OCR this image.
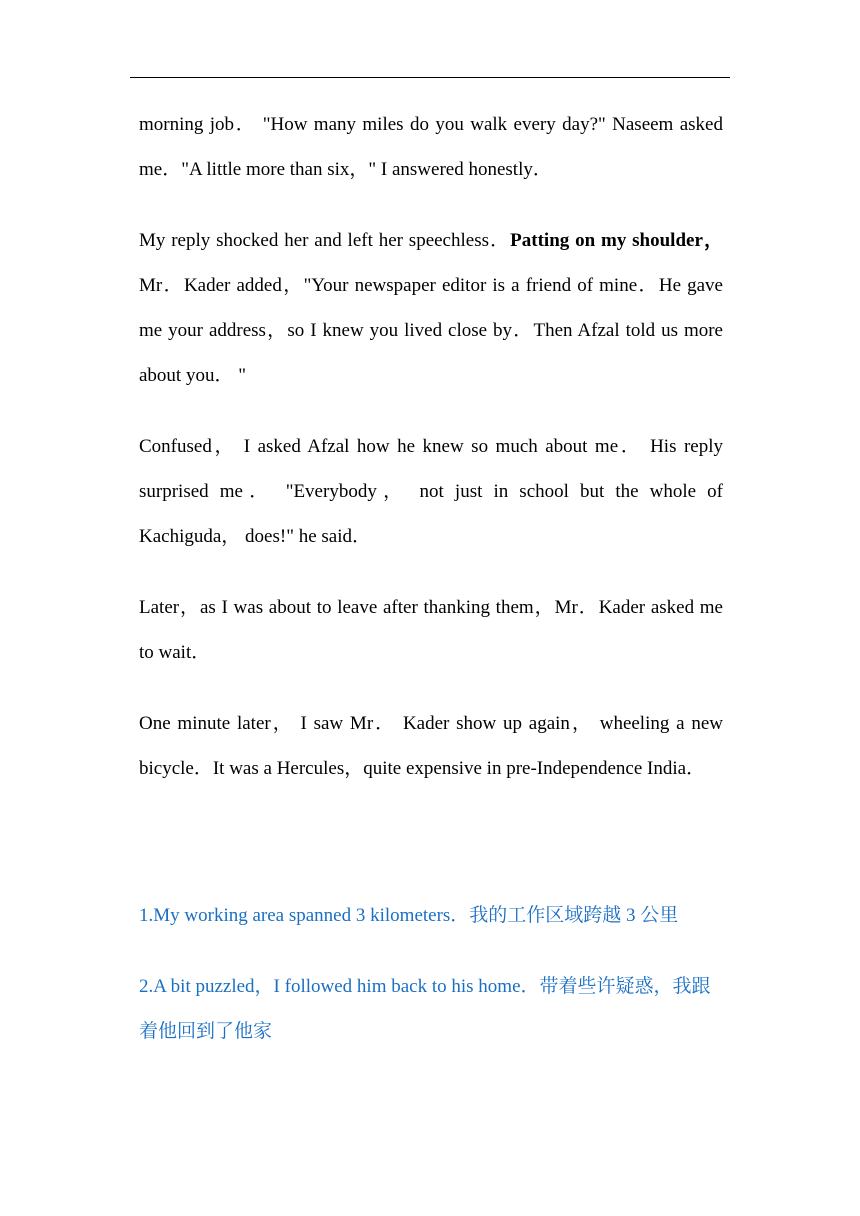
morning job． "How many miles do you walk every day?" Naseem asked me．"A little more than six，" I answered honestly．

My reply shocked her and left her speechless．Patting on my shoulder，Mr．Kader added，"Your newspaper editor is a friend of mine．He gave me your address，so I knew you lived close by．Then Afzal told us more about you． "

Confused， I asked Afzal how he knew so much about me． His reply surprised me． "Everybody， not just in school but the whole of Kachiguda， does!" he said．

Later，as I was about to leave after thanking them，Mr．Kader asked me to wait．

One minute later， I saw Mr． Kader show up again， wheeling a new bicycle．It was a Hercules，quite expensive in pre-Independence India．

1.My working area spanned 3 kilometers．我的工作区域跨越 3 公里

2.A bit puzzled，I followed him back to his home．带着些许疑惑，我跟着他回到了他家
